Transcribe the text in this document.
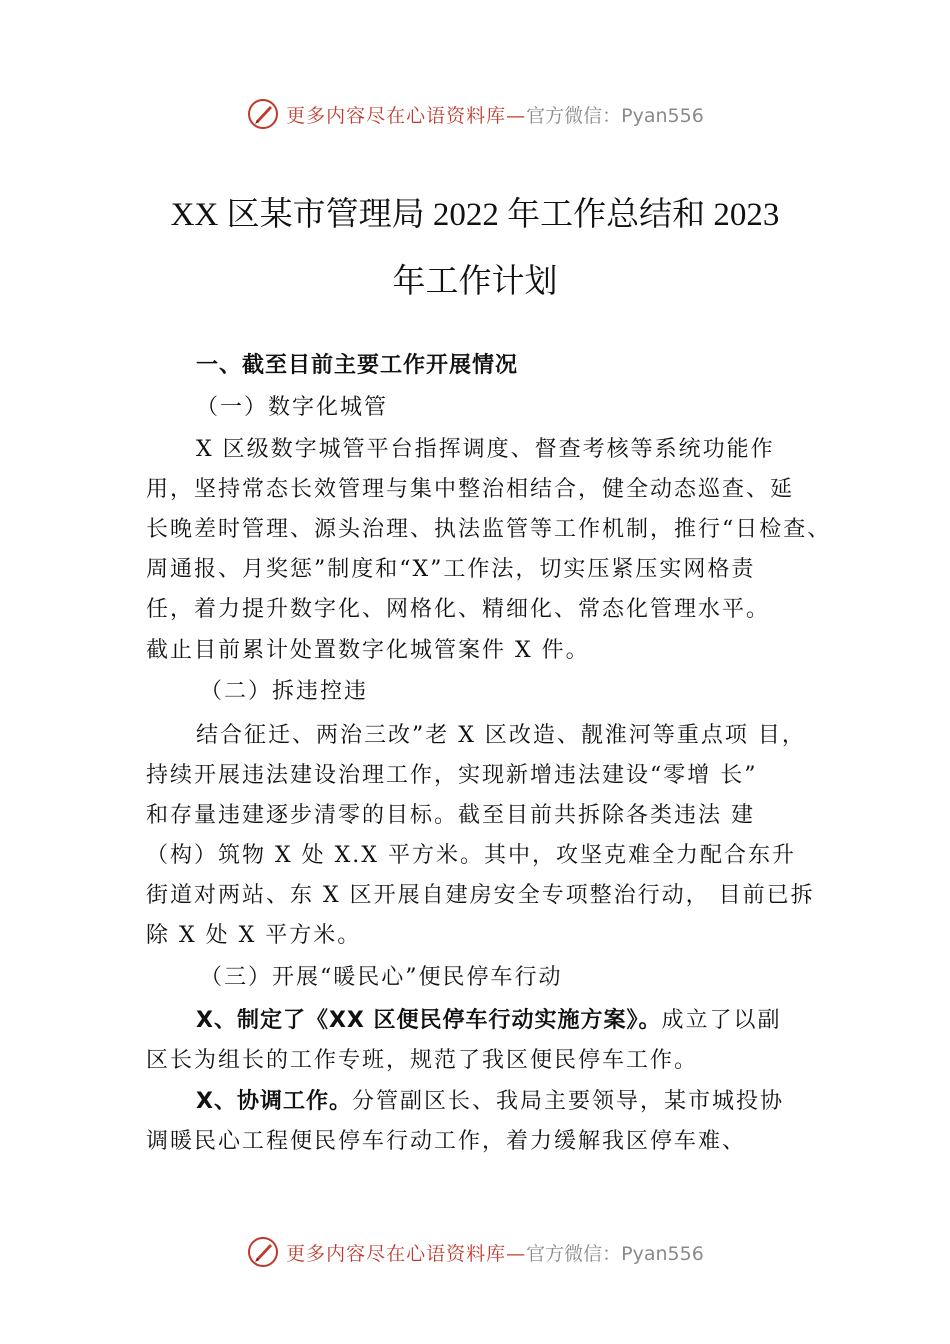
更多内容尽在心语资料库— 官方微信：Pyan556
XX 区某市管理局 2022 年工作总结和 2023
年工作计划
一、截至目前主要工作开展情况
（一）数字化城管
X 区级数字城管平台指挥调度、督查考核等系统功能作
用，坚持常态长效管理与集中整治相结合，健全动态巡查、延
长晚差时管理、源头治理、执法监管等工作机制，推行“日检查、
周通报、月奖惩”制度和“X”工作法，切实压紧压实网格责
任，着力提升数字化、网格化、精细化、常态化管理水平。
截止目前累计处置数字化城管案件 X 件。
（二）拆违控违
结合征迁、两治三改”老 X 区改造、靓淮河等重点项 目，
持续开展违法建设治理工作，实现新增违法建设“零增 长”
和存量违建逐步清零的目标。截至目前共拆除各类违法 建
（构）筑物 X 处 X.X 平方米。其中，攻坚克难全力配合东升
街道对两站、东 X 区开展自建房安全专项整治行动， 目前已拆
除 X 处 X 平方米。
（三）开展“暖民心”便民停车行动
X、制定了《XX 区便民停车行动实施方案》。成立了以副
区长为组长的工作专班，规范了我区便民停车工作。
X、协调工作。分管副区长、我局主要领导，某市城投协
调暖民心工程便民停车行动工作，着力缓解我区停车难、
更多内容尽在心语资料库— 官方微信：Pyan556
